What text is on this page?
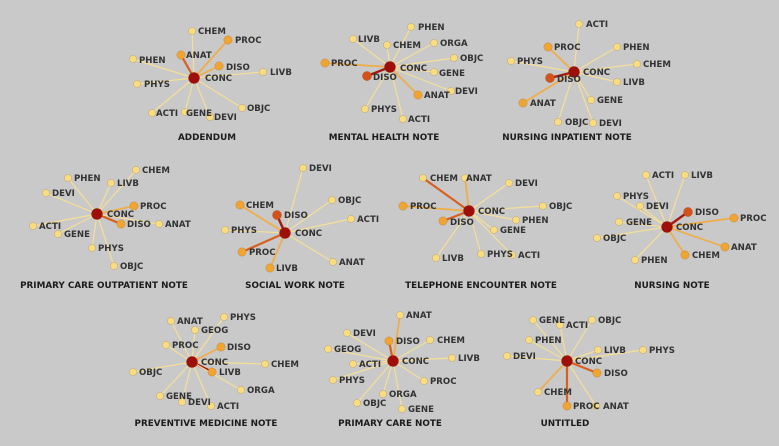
CONC
ANAT
CHEM
PROC
PHEN
DISO LIVB
PHYS
ACTI GENE DEVI
OBJC
ADDENDUM
CONC
DISO
PHEN
LIVB
CHEM ORGA
PROC	OBJC
GENE
ANAT DEVI
PHYS
ACTI
MENTAL HEALTH NOTE
CONC
DISO
ACTI
PROC	PHEN
PHYS	CHEM
LIVB
ANAT	GENE
OBJC DEVI
NURSING INPATIENT NOTE
CONC
CHEM
PHEN LIVB
DEVI
PROC
ACTI	DISO ANAT
GENE
PHYS
OBJC
PRIMARY CARE OUTPATIENT NOTE
CONC
DEVI
CHEM
DISO
OBJC
ACTI
PHYS
PROC
LIVB
ANAT
SOCIAL WORK NOTE
CONC
CHEM ANAT	DEVI
PROC	OBJC
DISO	PHEN
GENE
LIVB	PHYS ACTI
TELEPHONE ENCOUNTER NOTE
CONC
ACTI LIVB
PHYS
DEVI
DISO
GENE	PROC
OBJC
ANAT
PHEN	CHEM
NURSING NOTE
CONC
ANAT	PHYS
GEOG
PROC	DISO
CHEM
OBJC	LIVB
ORGA
GENE
DEVI ACTI
PREVENTIVE MEDICINE NOTE
CONC
ANAT
DEVI
DISO CHEM
GEOG
ACTI
LIVB
PHYS	PROC
ORGA
OBJC
GENE
PRIMARY CARE NOTE
CONC
GENE ACTI OBJC
PHEN
LIVB	PHYS
DEVI
DISO
CHEM
PROC ANAT
UNTITLED
